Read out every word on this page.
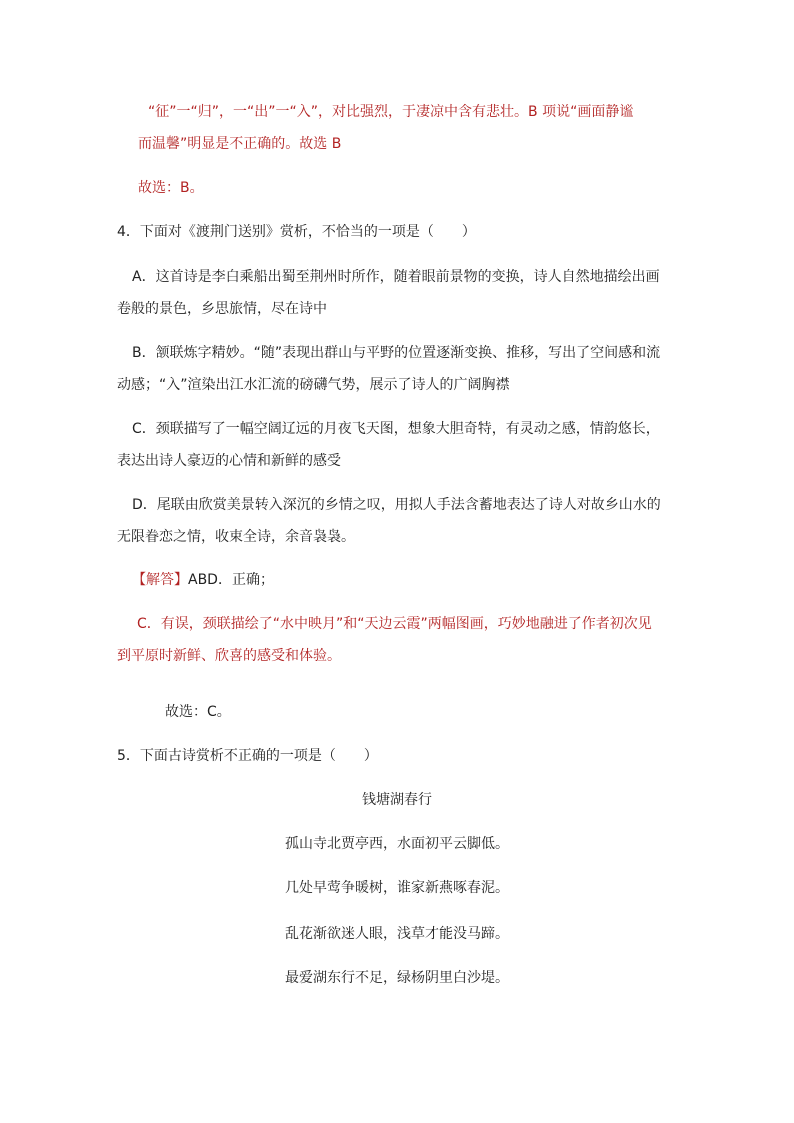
“征”一“归”，一“出”一“入”，对比强烈，于凄凉中含有悲壮。B 项说“画面静谧
而温馨”明显是不正确的。故选 B
故选：B。
4．下面对《渡荆门送别》赏析，不恰当的一项是（　　）
A．这首诗是李白乘船出蜀至荆州时所作，随着眼前景物的变换，诗人自然地描绘出画
卷般的景色，乡思旅情，尽在诗中
B．颔联炼字精妙。“随”表现出群山与平野的位置逐渐变换、推移，写出了空间感和流
动感；“入”渲染出江水汇流的磅礴气势，展示了诗人的广阔胸襟
C．颈联描写了一幅空阔辽远的月夜飞天图，想象大胆奇特，有灵动之感，情韵悠长，
表达出诗人豪迈的心情和新鲜的感受
D．尾联由欣赏美景转入深沉的乡情之叹，用拟人手法含蓄地表达了诗人对故乡山水的
无限眷恋之情，收束全诗，余音袅袅。
【解答】ABD．正确；
C．有误，颈联描绘了“水中映月”和“天边云霞”两幅图画，巧妙地融进了作者初次见
到平原时新鲜、欣喜的感受和体验。
故选：C。
5．下面古诗赏析不正确的一项是（　　）
钱塘湖春行
孤山寺北贾亭西，水面初平云脚低。
几处早莺争暖树，谁家新燕啄春泥。
乱花渐欲迷人眼，浅草才能没马蹄。
最爱湖东行不足，绿杨阴里白沙堤。
